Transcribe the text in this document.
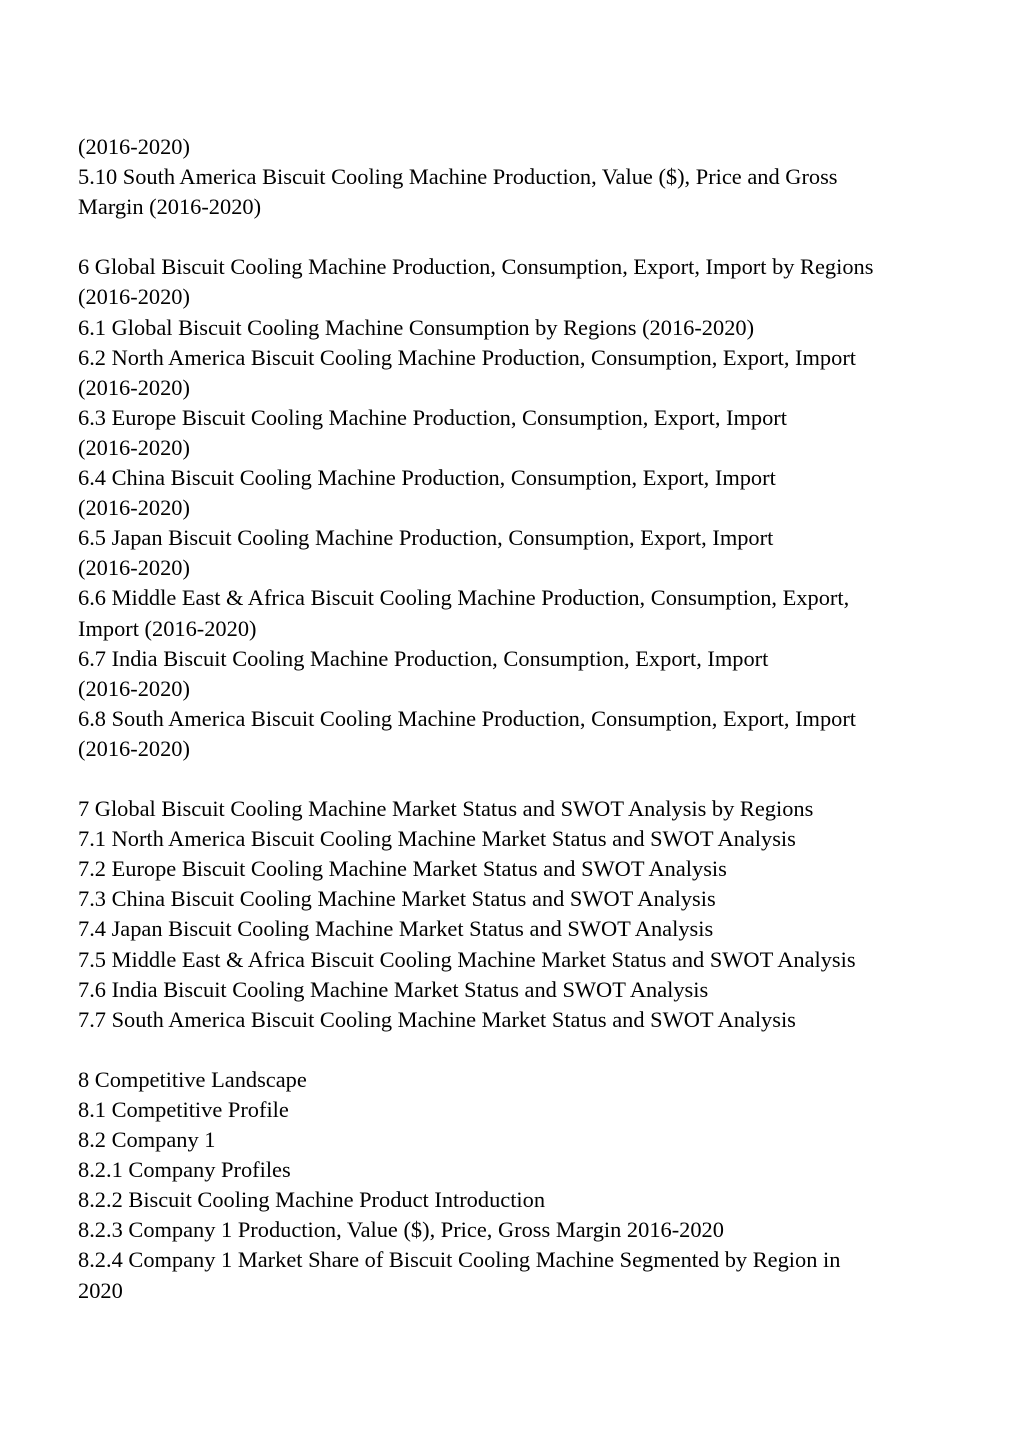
(2016-2020)
5.10 South America Biscuit Cooling Machine Production, Value ($), Price and Gross
Margin (2016-2020)
6 Global Biscuit Cooling Machine Production, Consumption, Export, Import by Regions
(2016-2020)
6.1 Global Biscuit Cooling Machine Consumption by Regions (2016-2020)
6.2 North America Biscuit Cooling Machine Production, Consumption, Export, Import
(2016-2020)
6.3 Europe Biscuit Cooling Machine Production, Consumption, Export, Import
(2016-2020)
6.4 China Biscuit Cooling Machine Production, Consumption, Export, Import
(2016-2020)
6.5 Japan Biscuit Cooling Machine Production, Consumption, Export, Import
(2016-2020)
6.6 Middle East & Africa Biscuit Cooling Machine Production, Consumption, Export,
Import (2016-2020)
6.7 India Biscuit Cooling Machine Production, Consumption, Export, Import
(2016-2020)
6.8 South America Biscuit Cooling Machine Production, Consumption, Export, Import
(2016-2020)
7 Global Biscuit Cooling Machine Market Status and SWOT Analysis by Regions
7.1 North America Biscuit Cooling Machine Market Status and SWOT Analysis
7.2 Europe Biscuit Cooling Machine Market Status and SWOT Analysis
7.3 China Biscuit Cooling Machine Market Status and SWOT Analysis
7.4 Japan Biscuit Cooling Machine Market Status and SWOT Analysis
7.5 Middle East & Africa Biscuit Cooling Machine Market Status and SWOT Analysis
7.6 India Biscuit Cooling Machine Market Status and SWOT Analysis
7.7 South America Biscuit Cooling Machine Market Status and SWOT Analysis
8 Competitive Landscape
8.1 Competitive Profile
8.2 Company 1
8.2.1 Company Profiles
8.2.2 Biscuit Cooling Machine Product Introduction
8.2.3 Company 1 Production, Value ($), Price, Gross Margin 2016-2020
8.2.4 Company 1 Market Share of Biscuit Cooling Machine Segmented by Region in
2020
